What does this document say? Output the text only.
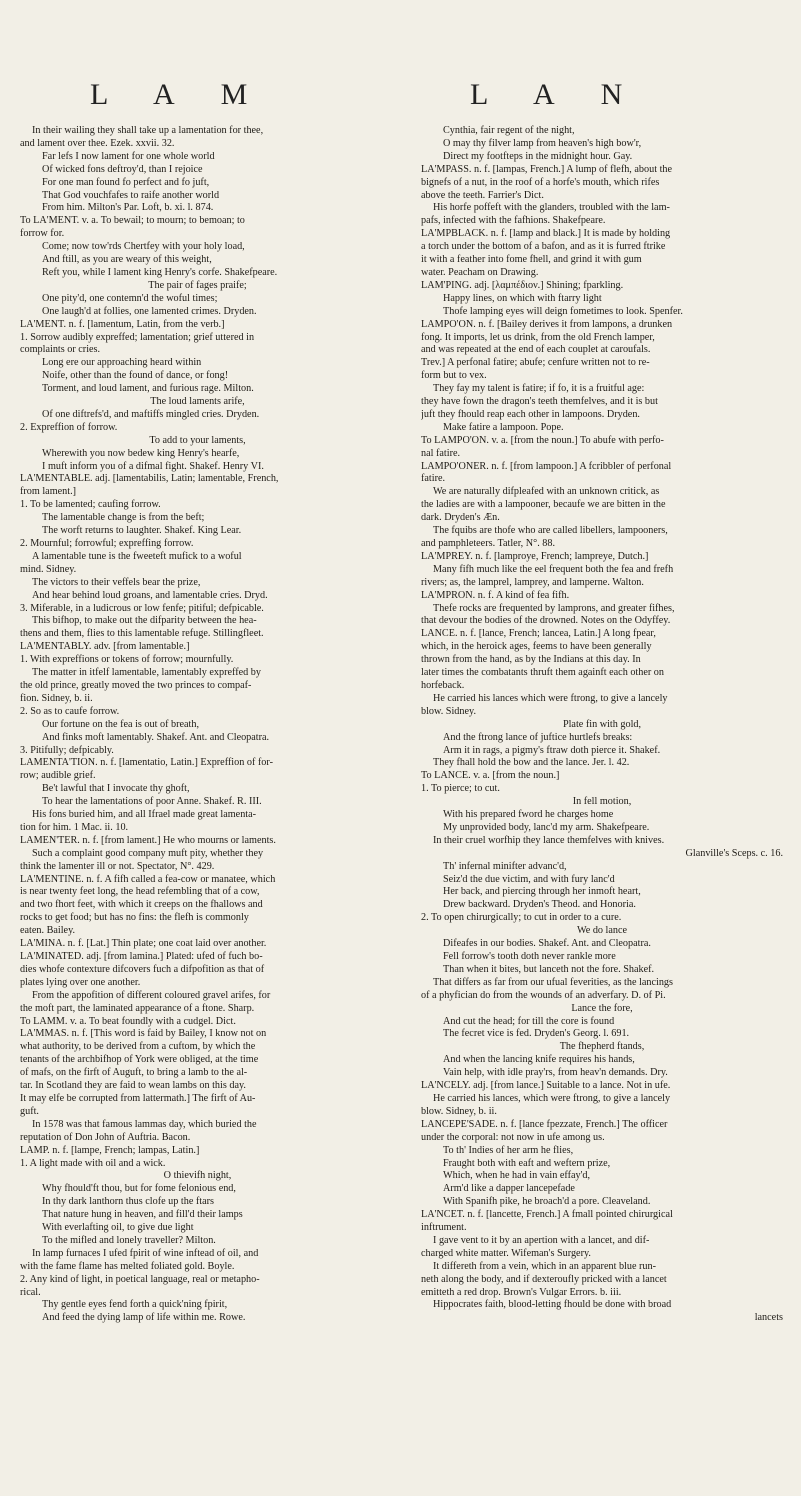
L A M	L A N
In their wailing they shall take up a lamentation for thee,
and lament over thee. Ezek. xxvii. 32.
Far lefs I now lament for one whole world
Of wicked fons deftroy'd, than I rejoice
For one man found fo perfect and fo juft,
That God vouchfafes to raife another world
From him. Milton's Par. Loft, b. xi. l. 874.
To LA'MENT. v. a. To bewail; to mourn; to bemoan; to
forrow for.
Come; now tow'rds Chertfey with your holy load,
And ftill, as you are weary of this weight,
Reft you, while I lament king Henry's corfe. Shakefpeare.
The pair of fages praife;
One pity'd, one contemn'd the woful times;
One laugh'd at follies, one lamented crimes. Dryden.
LA'MENT. n. f. [lamentum, Latin, from the verb.]
1. Sorrow audibly expreffed; lamentation; grief uttered in
complaints or cries.
Long ere our approaching heard within
Noife, other than the found of dance, or fong!
Torment, and loud lament, and furious rage. Milton.
The loud laments arife,
Of one diftrefs'd, and maftiffs mingled cries. Dryden.
2. Expreffion of forrow.
To add to your laments,
Wherewith you now bedew king Henry's hearfe,
I muft inform you of a difmal fight. Shakef. Henry VI.
LA'MENTABLE. adj. [lamentabilis, Latin; lamentable, French,
from lament.]
1. To be lamented; caufing forrow.
The lamentable change is from the beft;
The worft returns to laughter. Shakef. King Lear.
2. Mournful; forrowful; expreffing forrow.
A lamentable tune is the fweeteft mufick to a woful
mind. Sidney.
The victors to their veffels bear the prize,
And hear behind loud groans, and lamentable cries. Dryd.
3. Miferable, in a ludicrous or low fenfe; pitiful; defpicable.
This bifhop, to make out the difparity between the hea-
thens and them, flies to this lamentable refuge. Stillingfleet.
LA'MENTABLY. adv. [from lamentable.]
1. With expreffions or tokens of forrow; mournfully.
The matter in itfelf lamentable, lamentably expreffed by
the old prince, greatly moved the two princes to compaf-
fion. Sidney, b. ii.
2. So as to caufe forrow.
Our fortune on the fea is out of breath,
And finks moft lamentably. Shakef. Ant. and Cleopatra.
3. Pitifully; defpicably.
LAMENTA'TION. n. f. [lamentatio, Latin.] Expreffion of for-
row; audible grief.
Be't lawful that I invocate thy ghoft,
To hear the lamentations of poor Anne. Shakef. R. III.
His fons buried him, and all Ifrael made great lamenta-
tion for him. 1 Mac. ii. 10.
LAMEN'TER. n. f. [from lament.] He who mourns or laments.
Such a complaint good company muft pity, whether they
think the lamenter ill or not. Spectator, N°. 429.
LA'MENTINE. n. f. A fifh called a fea-cow or manatee, which
is near twenty feet long, the head refembling that of a cow,
and two fhort feet, with which it creeps on the fhallows and
rocks to get food; but has no fins: the flefh is commonly
eaten. Bailey.
LA'MINA. n. f. [Lat.] Thin plate; one coat laid over another.
LA'MINATED. adj. [from lamina.] Plated: ufed of fuch bo-
dies whofe contexture difcovers fuch a difpofition as that of
plates lying over one another.
From the appofition of different coloured gravel arifes, for
the moft part, the laminated appearance of a ftone. Sharp.
To LAMM. v. a. To beat foundly with a cudgel. Dict.
LA'MMAS. n. f. [This word is faid by Bailey, I know not on
what authority, to be derived from a cuftom, by which the
tenants of the archbifhop of York were obliged, at the time
of mafs, on the firft of Auguft, to bring a lamb to the al-
tar. In Scotland they are faid to wean lambs on this day.
It may elfe be corrupted from lattermath.] The firft of Au-
guft.
In 1578 was that famous lammas day, which buried the
reputation of Don John of Auftria. Bacon.
LAMP. n. f. [lampe, French; lampas, Latin.]
1. A light made with oil and a wick.
O thievifh night,
Why fhould'ft thou, but for fome felonious end,
In thy dark lanthorn thus clofe up the ftars
That nature hung in heaven, and fill'd their lamps
With everlafting oil, to give due light
To the mifled and lonely traveller? Milton.
In lamp furnaces I ufed fpirit of wine inftead of oil, and
with the fame flame has melted foliated gold. Boyle.
2. Any kind of light, in poetical language, real or metapho-
rical.
Thy gentle eyes fend forth a quick'ning fpirit,
And feed the dying lamp of life within me. Rowe.
Cynthia, fair regent of the night,
O may thy filver lamp from heaven's high bow'r,
Direct my footfteps in the midnight hour. Gay.
LA'MPASS. n. f. [lampas, French.] A lump of flefh, about the
bignefs of a nut, in the roof of a horfe's mouth, which rifes
above the teeth. Farrier's Dict.
His horfe poffeft with the glanders, troubled with the lam-
pafs, infected with the fafhions. Shakefpeare.
LA'MPBLACK. n. f. [lamp and black.] It is made by holding
a torch under the bottom of a bafon, and as it is furred ftrike
it with a feather into fome fhell, and grind it with gum
water. Peacham on Drawing.
LAM'PING. adj. [λαμπέδιον.] Shining; fparkling.
Happy lines, on which with ftarry light
Thofe lamping eyes will deign fometimes to look. Spenfer.
LAMPO'ON. n. f. [Bailey derives it from lampons, a drunken
fong. It imports, let us drink, from the old French lamper,
and was repeated at the end of each couplet at caroufals.
Trev.] A perfonal fatire; abufe; cenfure written not to re-
form but to vex.
They fay my talent is fatire; if fo, it is a fruitful age:
they have fown the dragon's teeth themfelves, and it is but
juft they fhould reap each other in lampoons. Dryden.
Make fatire a lampoon. Pope.
To LAMPO'ON. v. a. [from the noun.] To abufe with perfo-
nal fatire.
LAMPO'ONER. n. f. [from lampoon.] A fcribbler of perfonal
fatire.
We are naturally difpleafed with an unknown critick, as
the ladies are with a lampooner, becaufe we are bitten in the
dark. Dryden's Æn.
The fquibs are thofe who are called libellers, lampooners,
and pamphleteers. Tatler, N°. 88.
LA'MPREY. n. f. [lamproye, French; lampreye, Dutch.]
Many fifh much like the eel frequent both the fea and frefh
rivers; as, the lamprel, lamprey, and lamperne. Walton.
LA'MPRON. n. f. A kind of fea fifh.
Thefe rocks are frequented by lamprons, and greater fifhes,
that devour the bodies of the drowned. Notes on the Odyffey.
LANCE. n. f. [lance, French; lancea, Latin.] A long fpear,
which, in the heroick ages, feems to have been generally
thrown from the hand, as by the Indians at this day. In
later times the combatants thruft them againft each other on
horfeback.
He carried his lances which were ftrong, to give a lancely
blow. Sidney.
Plate fin with gold,
And the ftrong lance of juftice hurtlefs breaks:
Arm it in rags, a pigmy's ftraw doth pierce it. Shakef.
They fhall hold the bow and the lance. Jer. l. 42.
To LANCE. v. a. [from the noun.]
1. To pierce; to cut.
In fell motion,
With his prepared fword he charges home
My unprovided body, lanc'd my arm. Shakefpeare.
In their cruel worfhip they lance themfelves with knives.
Glanville's Sceps. c. 16.
Th' infernal minifter advanc'd,
Seiz'd the due victim, and with fury lanc'd
Her back, and piercing through her inmoft heart,
Drew backward. Dryden's Theod. and Honoria.
2. To open chirurgically; to cut in order to a cure.
We do lance
Difeafes in our bodies. Shakef. Ant. and Cleopatra.
Fell forrow's tooth doth never rankle more
Than when it bites, but lanceth not the fore. Shakef.
That differs as far from our ufual feverities, as the lancings
of a phyfician do from the wounds of an adverfary. D. of Pi.
Lance the fore,
And cut the head; for till the core is found
The fecret vice is fed. Dryden's Georg. l. 691.
The fhepherd ftands,
And when the lancing knife requires his hands,
Vain help, with idle pray'rs, from heav'n demands. Dry.
LA'NCELY. adj. [from lance.] Suitable to a lance. Not in ufe.
He carried his lances, which were ftrong, to give a lancely
blow. Sidney, b. ii.
LANCEPE'SADE. n. f. [lance fpezzate, French.] The officer
under the corporal: not now in ufe among us.
To th' Indies of her arm he flies,
Fraught both with eaft and weftern prize,
Which, when he had in vain effay'd,
Arm'd like a dapper lancepefade
With Spanifh pike, he broach'd a pore. Cleaveland.
LA'NCET. n. f. [lancette, French.] A fmall pointed chirurgical
inftrument.
I gave vent to it by an apertion with a lancet, and dif-
charged white matter. Wifeman's Surgery.
It differeth from a vein, which in an apparent blue run-
neth along the body, and if dexteroufly pricked with a lancet
emitteth a red drop. Brown's Vulgar Errors. b. iii.
Hippocrates faith, blood-letting fhould be done with broad
lancets
